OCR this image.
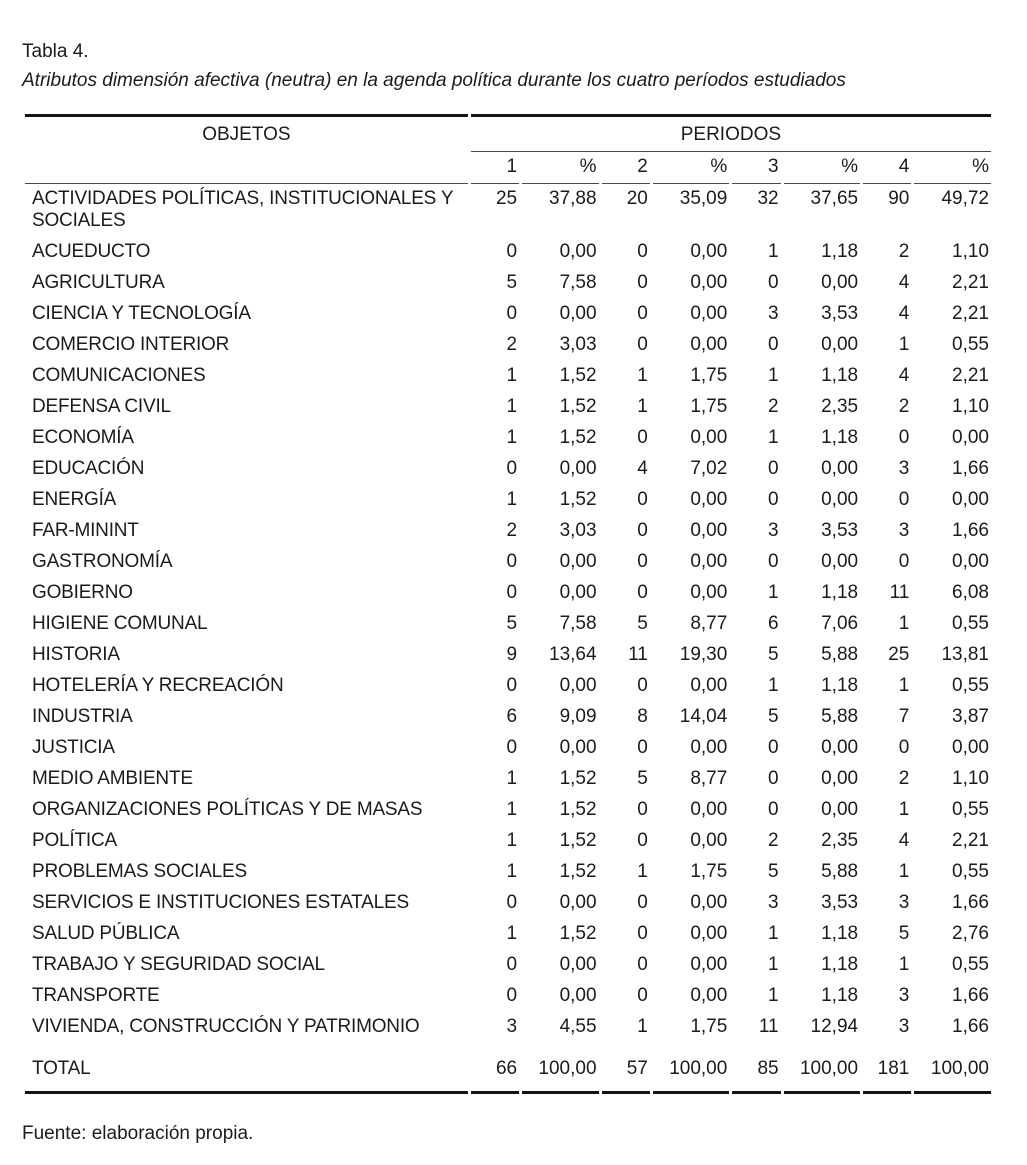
Tabla 4.
Atributos dimensión afectiva (neutra) en la agenda política durante los cuatro períodos estudiados
OBJETOS	PERIODOS							
	1	%	2	%	3	%	4	%
ACTIVIDADES POLÍTICAS, INSTITUCIONALES Y SOCIALES	25	37,88	20	35,09	32	37,65	90	49,72
ACUEDUCTO	0	0,00	0	0,00	1	1,18	2	1,10
AGRICULTURA	5	7,58	0	0,00	0	0,00	4	2,21
CIENCIA Y TECNOLOGÍA	0	0,00	0	0,00	3	3,53	4	2,21
COMERCIO INTERIOR	2	3,03	0	0,00	0	0,00	1	0,55
COMUNICACIONES	1	1,52	1	1,75	1	1,18	4	2,21
DEFENSA CIVIL	1	1,52	1	1,75	2	2,35	2	1,10
ECONOMÍA	1	1,52	0	0,00	1	1,18	0	0,00
EDUCACIÓN	0	0,00	4	7,02	0	0,00	3	1,66
ENERGÍA	1	1,52	0	0,00	0	0,00	0	0,00
FAR-MININT	2	3,03	0	0,00	3	3,53	3	1,66
GASTRONOMÍA	0	0,00	0	0,00	0	0,00	0	0,00
GOBIERNO	0	0,00	0	0,00	1	1,18	11	6,08
HIGIENE COMUNAL	5	7,58	5	8,77	6	7,06	1	0,55
HISTORIA	9	13,64	11	19,30	5	5,88	25	13,81
HOTELERÍA Y RECREACIÓN	0	0,00	0	0,00	1	1,18	1	0,55
INDUSTRIA	6	9,09	8	14,04	5	5,88	7	3,87
JUSTICIA	0	0,00	0	0,00	0	0,00	0	0,00
MEDIO AMBIENTE	1	1,52	5	8,77	0	0,00	2	1,10
ORGANIZACIONES POLÍTICAS Y DE MASAS	1	1,52	0	0,00	0	0,00	1	0,55
POLÍTICA	1	1,52	0	0,00	2	2,35	4	2,21
PROBLEMAS SOCIALES	1	1,52	1	1,75	5	5,88	1	0,55
SERVICIOS E INSTITUCIONES ESTATALES	0	0,00	0	0,00	3	3,53	3	1,66
SALUD PÚBLICA	1	1,52	0	0,00	1	1,18	5	2,76
TRABAJO Y SEGURIDAD SOCIAL	0	0,00	0	0,00	1	1,18	1	0,55
TRANSPORTE	0	0,00	0	0,00	1	1,18	3	1,66
VIVIENDA, CONSTRUCCIÓN Y PATRIMONIO	3	4,55	1	1,75	11	12,94	3	1,66
TOTAL	66	100,00	57	100,00	85	100,00	181	100,00
Fuente: elaboración propia.
